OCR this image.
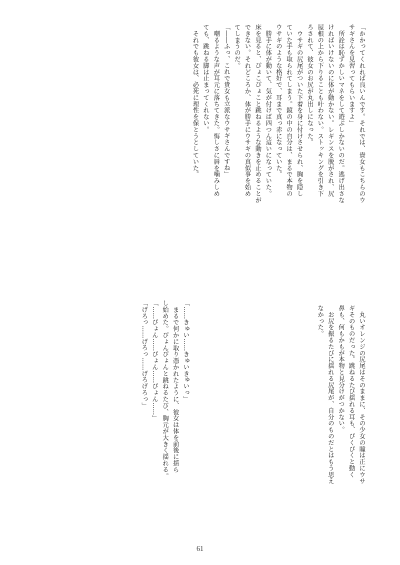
「かかってくれれば良いんです。それでは、貴女もこちらのウ
サギさんを見習ってもらいますよ」
　所詮は恥ずかしいマネをして遊ぶしかないのだ。逃げ出さな
ければいけないのに体が動かない。レギンスを脱がされ、尻
屋根の上から下りることも叶わない。ストッキングを引き下
ろされて、彼女のお尻が丸出しになった。
　ウサギの尻尾がついた下着を身に付けさせられ、胸を隠し
ていた手も取られてしまう。鏡の中の自分は、まるで本物の
ウサギのような格好で、耳まで真っ赤になっていた。
　勝手に体が動いて、気が付けば四つん這いになっていた。
床を見ると、ぴょこぴょこと跳ねるような動きを止めることが
できない。それどころか、体が勝手にウサギの真似事を始め
てしまうのだ。
「――ふっ、これで貴女も立派なウサギさんですね」
　嘲るような声が耳元に落ちてきた。悔しさに唇を噛みしめ
ても、跳ねる脚は止まってくれない。
　それでも彼女は、必死に理性を保とうとしていた。
　丸いオレンジの尻尾はそのままに、その少女の瞳は正にウサ
ギそのものだった。跳ねるたび揺れる耳も、ぴくぴくと動く
鼻も、何もかもが本物と見分けがつかない。
　お尻を振るたびに揺れる尻尾が、自分のものだとはもう思え
なかった。
「……きゅい……きゅいきゅいっ」
　まるで何かに取り憑かれたように、彼女は体を前後に揺ら
し始めた。ぴょんぴょんと跳ねるたび、胸元が大きく揺れる。
「……ぴょん……ぴょん……ぴょん……」
「げろっ……げろっ……げろげろっ」
61
